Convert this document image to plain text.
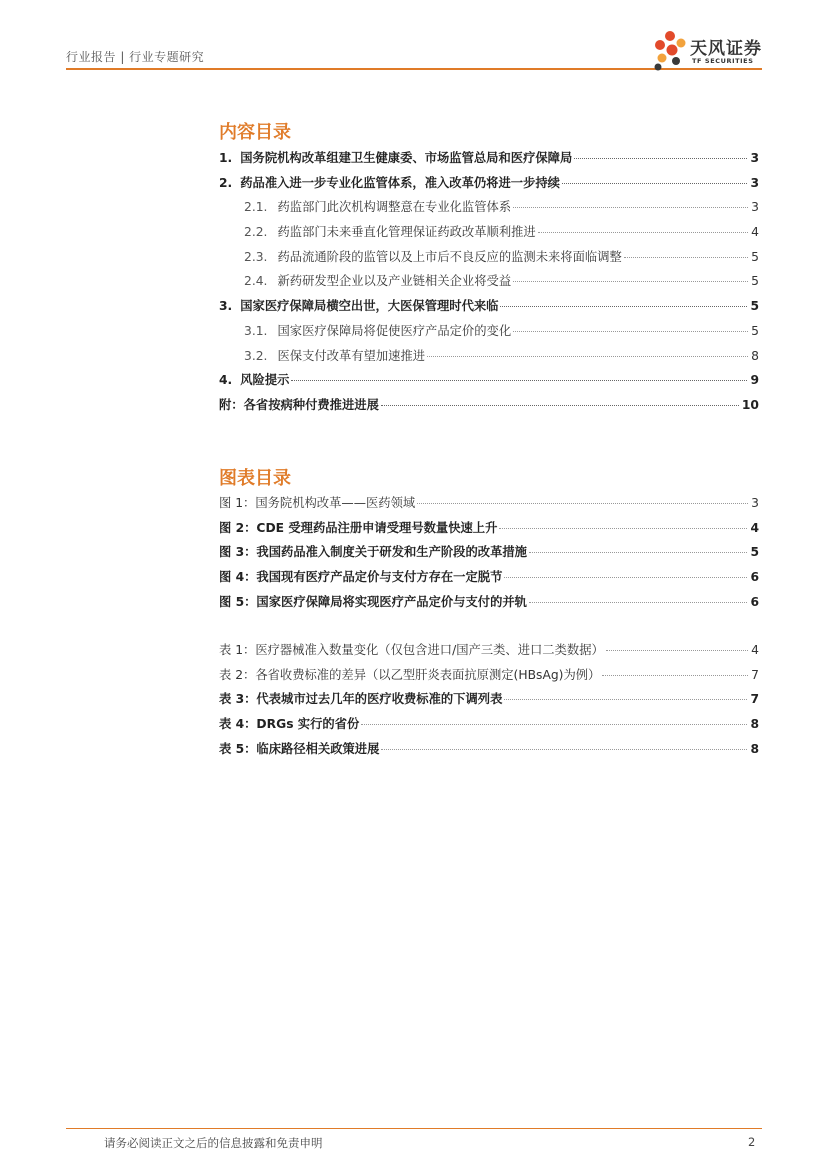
行业报告 | 行业专题研究	天风证券
TF SECURITIES
内容目录
1. 国务院机构改革组建卫生健康委、市场监管总局和医疗保障局	3
2. 药品准入进一步专业化监管体系，准入改革仍将进一步持续	3
2.1. 药监部门此次机构调整意在专业化监管体系	3
2.2. 药监部门未来垂直化管理保证药政改革顺利推进	4
2.3. 药品流通阶段的监管以及上市后不良反应的监测未来将面临调整	5
2.4. 新药研发型企业以及产业链相关企业将受益	5
3. 国家医疗保障局横空出世，大医保管理时代来临	5
3.1. 国家医疗保障局将促使医疗产品定价的变化	5
3.2. 医保支付改革有望加速推进	8
4. 风险提示	9
附：各省按病种付费推进进展	10
图表目录
图 1：国务院机构改革——医药领域	3
图 2：CDE 受理药品注册申请受理号数量快速上升	4
图 3：我国药品准入制度关于研发和生产阶段的改革措施	5
图 4：我国现有医疗产品定价与支付方存在一定脱节	6
图 5：国家医疗保障局将实现医疗产品定价与支付的并轨	6
表 1：医疗器械准入数量变化（仅包含进口/国产三类、进口二类数据）	4
表 2：各省收费标准的差异（以乙型肝炎表面抗原测定(HBsAg)为例）	7
表 3：代表城市过去几年的医疗收费标准的下调列表	7
表 4：DRGs 实行的省份	8
表 5：临床路径相关政策进展	8
请务必阅读正文之后的信息披露和免责申明	2
